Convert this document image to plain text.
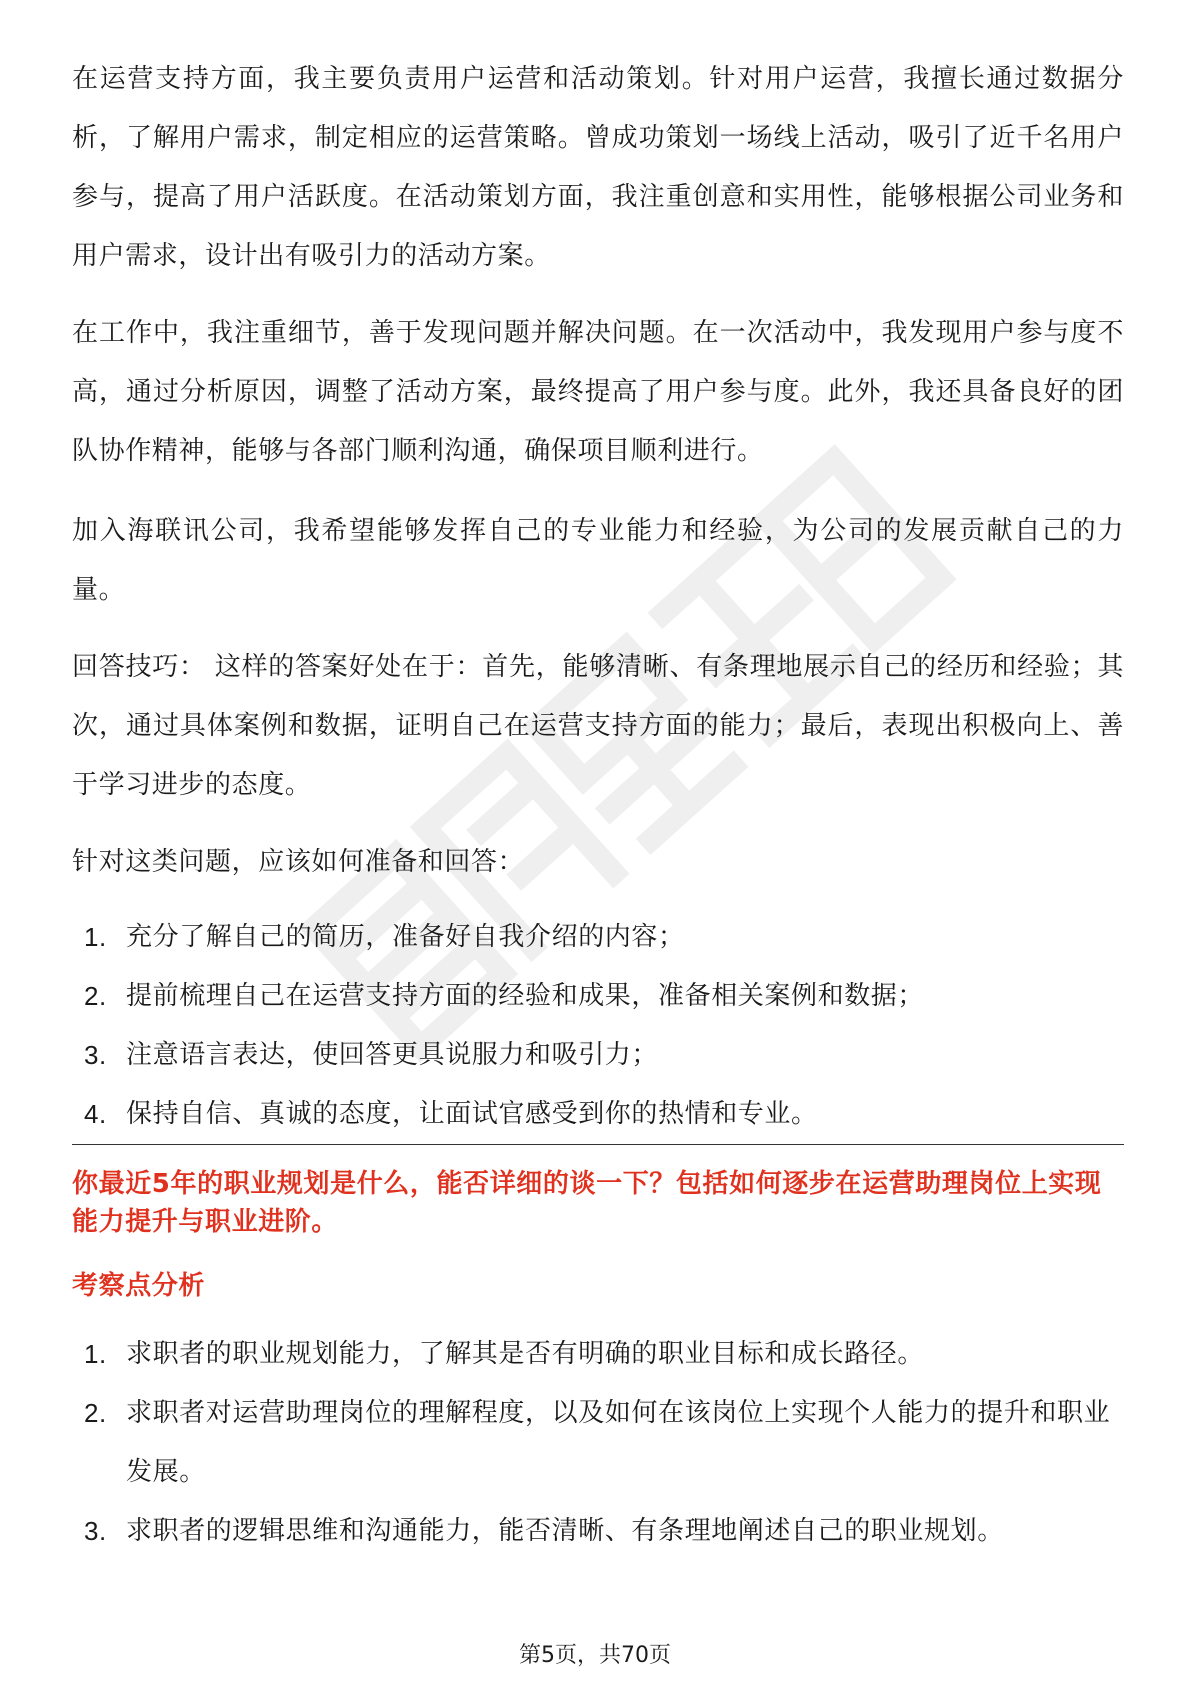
在运营支持方面，我主要负责用户运营和活动策划。针对用户运营，我擅长通过数据分析，了解用户需求，制定相应的运营策略。曾成功策划一场线上活动，吸引了近千名用户参与，提高了用户活跃度。在活动策划方面，我注重创意和实用性，能够根据公司业务和用户需求，设计出有吸引力的活动方案。

在工作中，我注重细节，善于发现问题并解决问题。在一次活动中，我发现用户参与度不高，通过分析原因，调整了活动方案，最终提高了用户参与度。此外，我还具备良好的团队协作精神，能够与各部门顺利沟通，确保项目顺利进行。

加入海联讯公司，我希望能够发挥自己的专业能力和经验，为公司的发展贡献自己的力量。

回答技巧： 这样的答案好处在于：首先，能够清晰、有条理地展示自己的经历和经验；其次，通过具体案例和数据，证明自己在运营支持方面的能力；最后，表现出积极向上、善于学习进步的态度。

针对这类问题，应该如何准备和回答：

1. 充分了解自己的简历，准备好自我介绍的内容；
2. 提前梳理自己在运营支持方面的经验和成果，准备相关案例和数据；
3. 注意语言表达，使回答更具说服力和吸引力；
4. 保持自信、真诚的态度，让面试官感受到你的热情和专业。

你最近5年的职业规划是什么，能否详细的谈一下？包括如何逐步在运营助理岗位上实现能力提升与职业进阶。

考察点分析

1. 求职者的职业规划能力，了解其是否有明确的职业目标和成长路径。
2. 求职者对运营助理岗位的理解程度，以及如何在该岗位上实现个人能力的提升和职业发展。
3. 求职者的逻辑思维和沟通能力，能否清晰、有条理地阐述自己的职业规划。
第5页，共70页
